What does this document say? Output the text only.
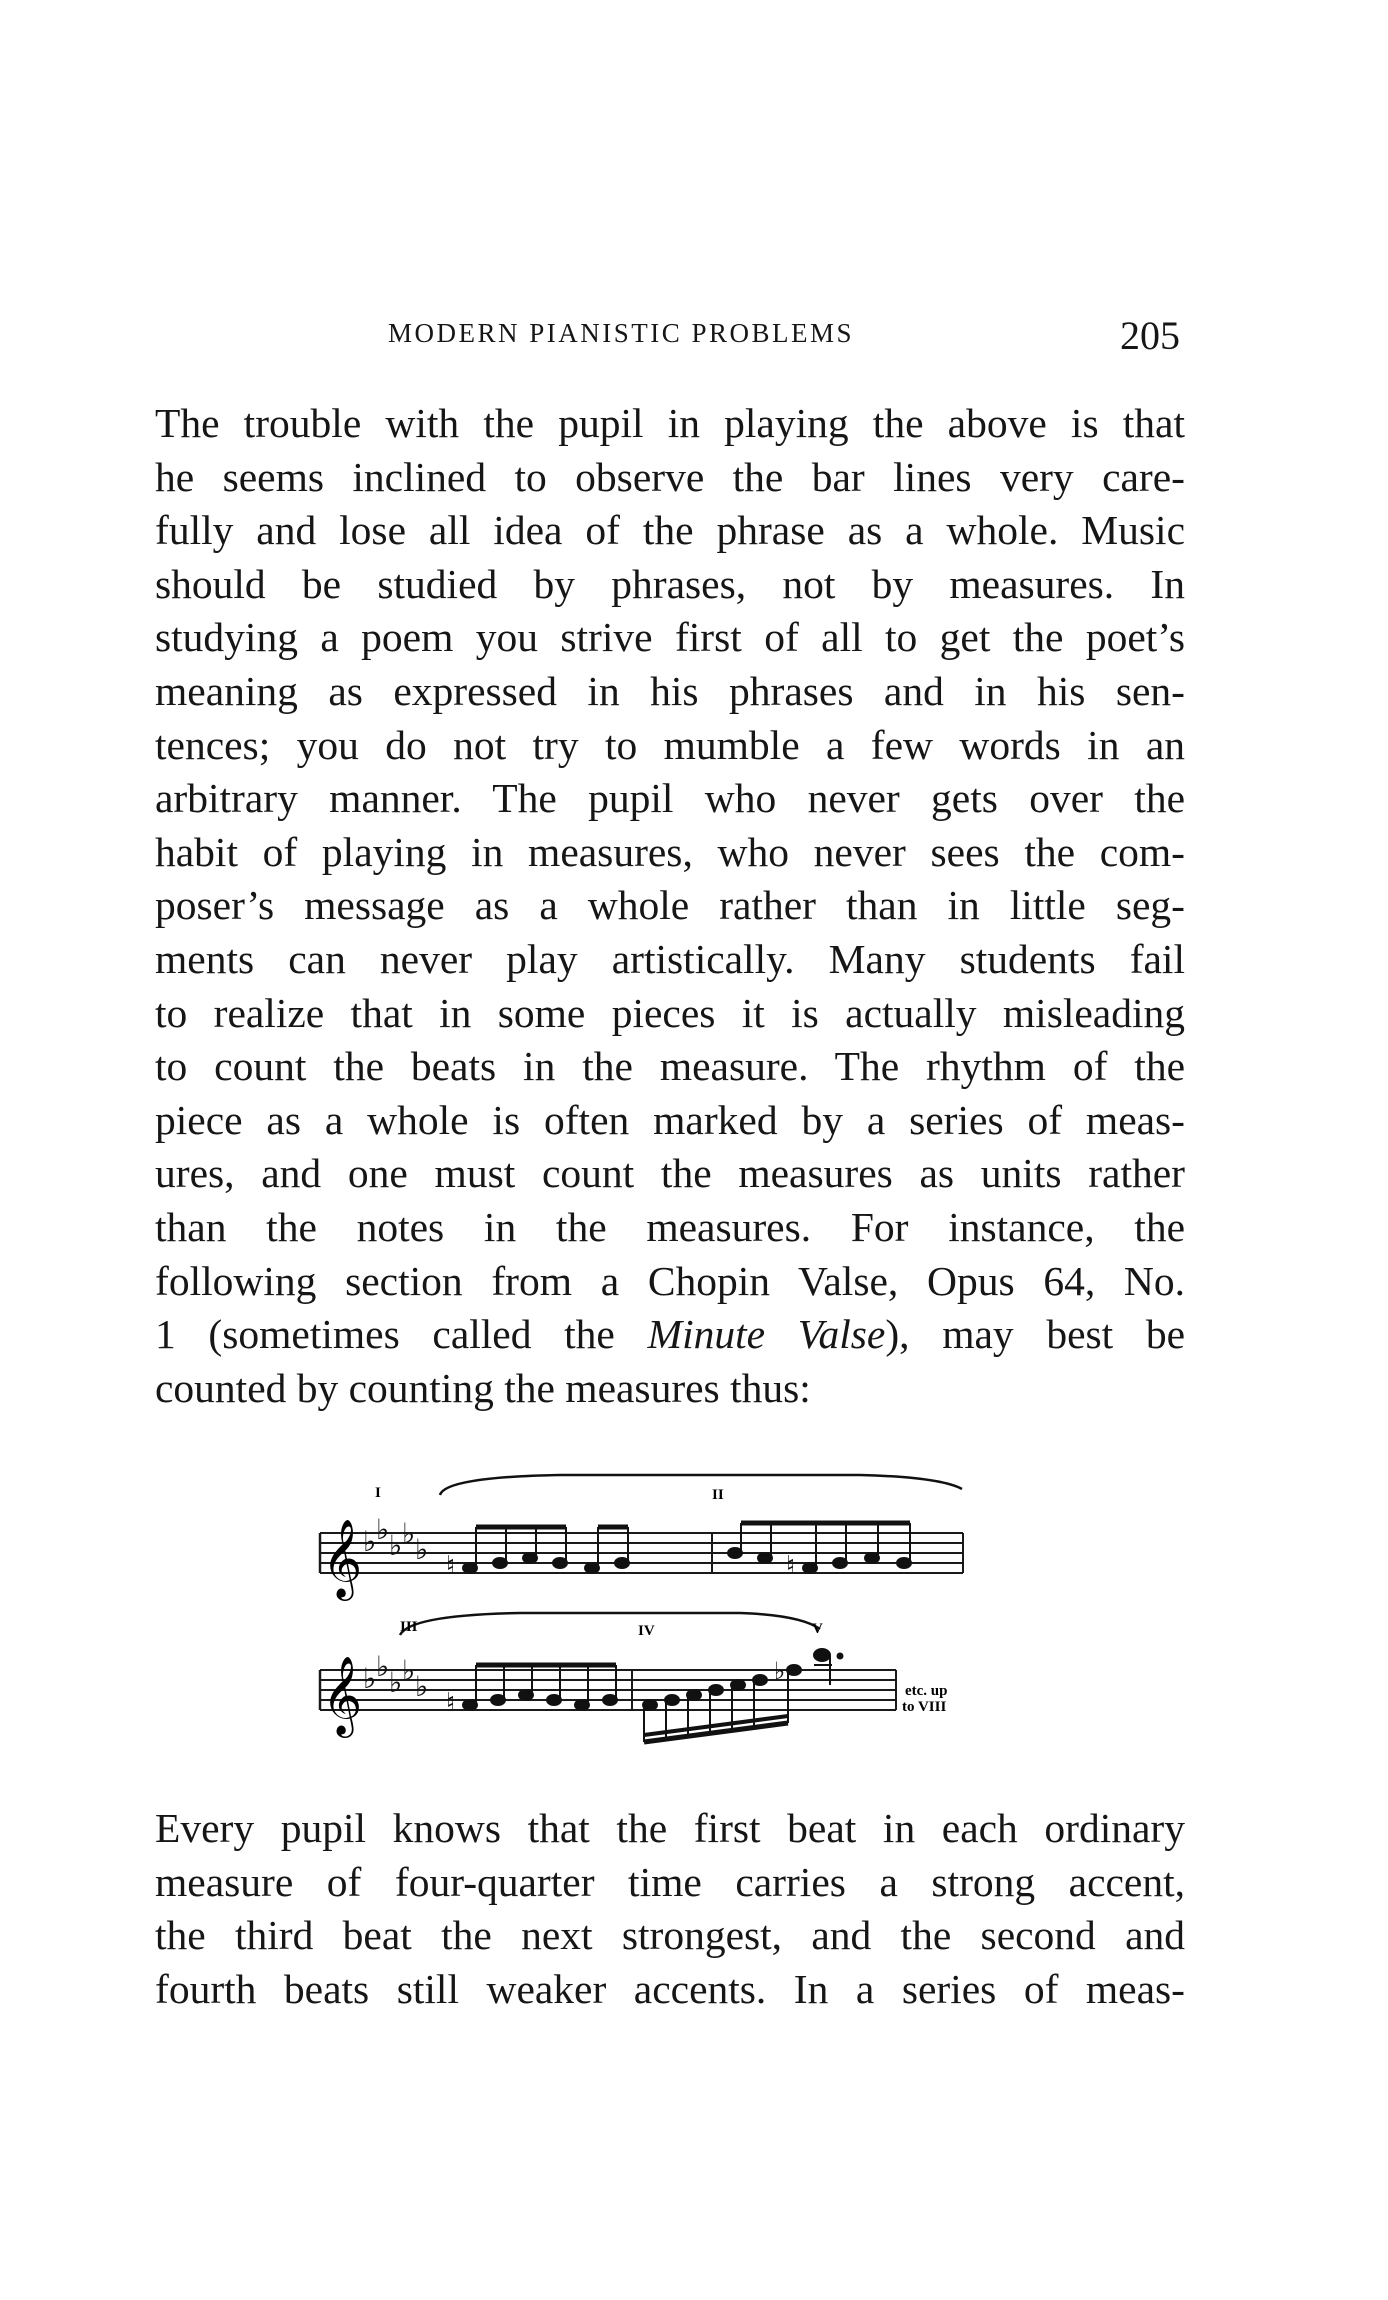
MODERN PIANISTIC PROBLEMS	205
The trouble with the pupil in playing the above is that
he seems inclined to observe the bar lines very care-
fully and lose all idea of the phrase as a whole. Music
should be studied by phrases, not by measures. In
studying a poem you strive first of all to get the poet’s
meaning as expressed in his phrases and in his sen-
tences; you do not try to mumble a few words in an
arbitrary manner. The pupil who never gets over the
habit of playing in measures, who never sees the com-
poser’s message as a whole rather than in little seg-
ments can never play artistically. Many students fail
to realize that in some pieces it is actually misleading
to count the beats in the measure. The rhythm of the
piece as a whole is often marked by a series of meas-
ures, and one must count the measures as units rather
than the notes in the measures. For instance, the
following section from a Chopin Valse, Opus 64, No.
1 (sometimes called the Minute Valse), may best be
counted by counting the measures thus:
𝄞 ♭ ♭ ♭ ♭ ♭ ♮	♮
I	II
𝄞 ♭ ♭ ♭ ♭ ♭ ♮
♭
III	IV	V
etc. up
to VIII
Every pupil knows that the first beat in each ordinary
measure of four-quarter time carries a strong accent,
the third beat the next strongest, and the second and
fourth beats still weaker accents. In a series of meas-
